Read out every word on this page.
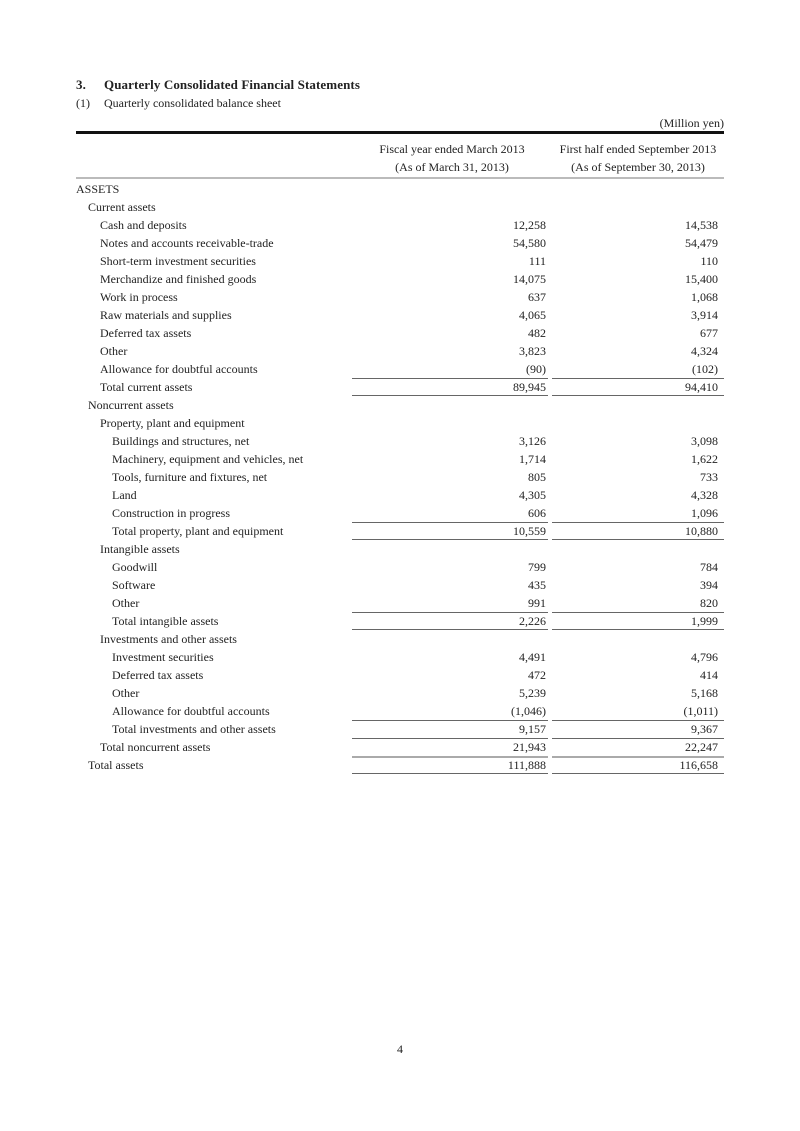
3. Quarterly Consolidated Financial Statements
(1) Quarterly consolidated balance sheet
(Million yen)
Fiscal year ended March 2013
(As of March 31, 2013)
First half ended September 2013
(As of September 30, 2013)
ASSETS
Current assets
Cash and deposits	12,258	14,538
Notes and accounts receivable-trade	54,580	54,479
Short-term investment securities	111	110
Merchandize and finished goods	14,075	15,400
Work in process	637	1,068
Raw materials and supplies	4,065	3,914
Deferred tax assets	482	677
Other	3,823	4,324
Allowance for doubtful accounts	(90)	(102)
Total current assets	89,945	94,410
Noncurrent assets
Property, plant and equipment
Buildings and structures, net	3,126	3,098
Machinery, equipment and vehicles, net	1,714	1,622
Tools, furniture and fixtures, net	805	733
Land	4,305	4,328
Construction in progress	606	1,096
Total property, plant and equipment	10,559	10,880
Intangible assets
Goodwill	799	784
Software	435	394
Other	991	820
Total intangible assets	2,226	1,999
Investments and other assets
Investment securities	4,491	4,796
Deferred tax assets	472	414
Other	5,239	5,168
Allowance for doubtful accounts	(1,046)	(1,011)
Total investments and other assets	9,157	9,367
Total noncurrent assets	21,943	22,247
Total assets	111,888	116,658
4
